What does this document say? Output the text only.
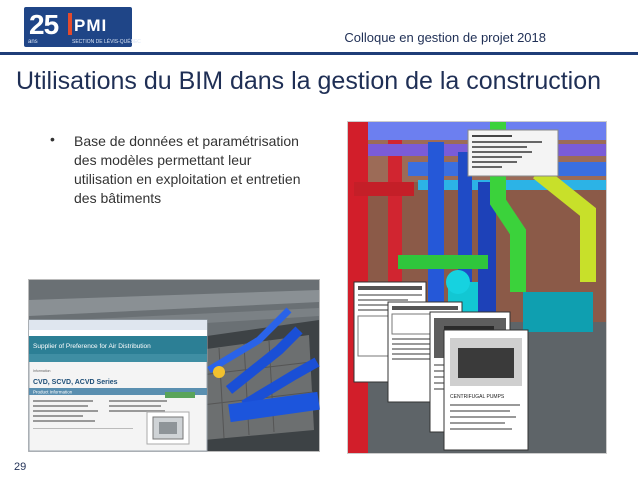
25 PMI
ans	SECTION DE LÉVIS-QUÉBEC	Colloque en gestion de projet 2018
Utilisations du BIM dans la gestion de la construction
• Base de données et paramétrisation des modèles permettant leur utilisation en exploitation et entretien des bâtiments
Supplier of Preference for Air Distribution
Information
CVD, SCVD, ACVD Series
Product Information
CENTRIFUGAL PUMPS
29
